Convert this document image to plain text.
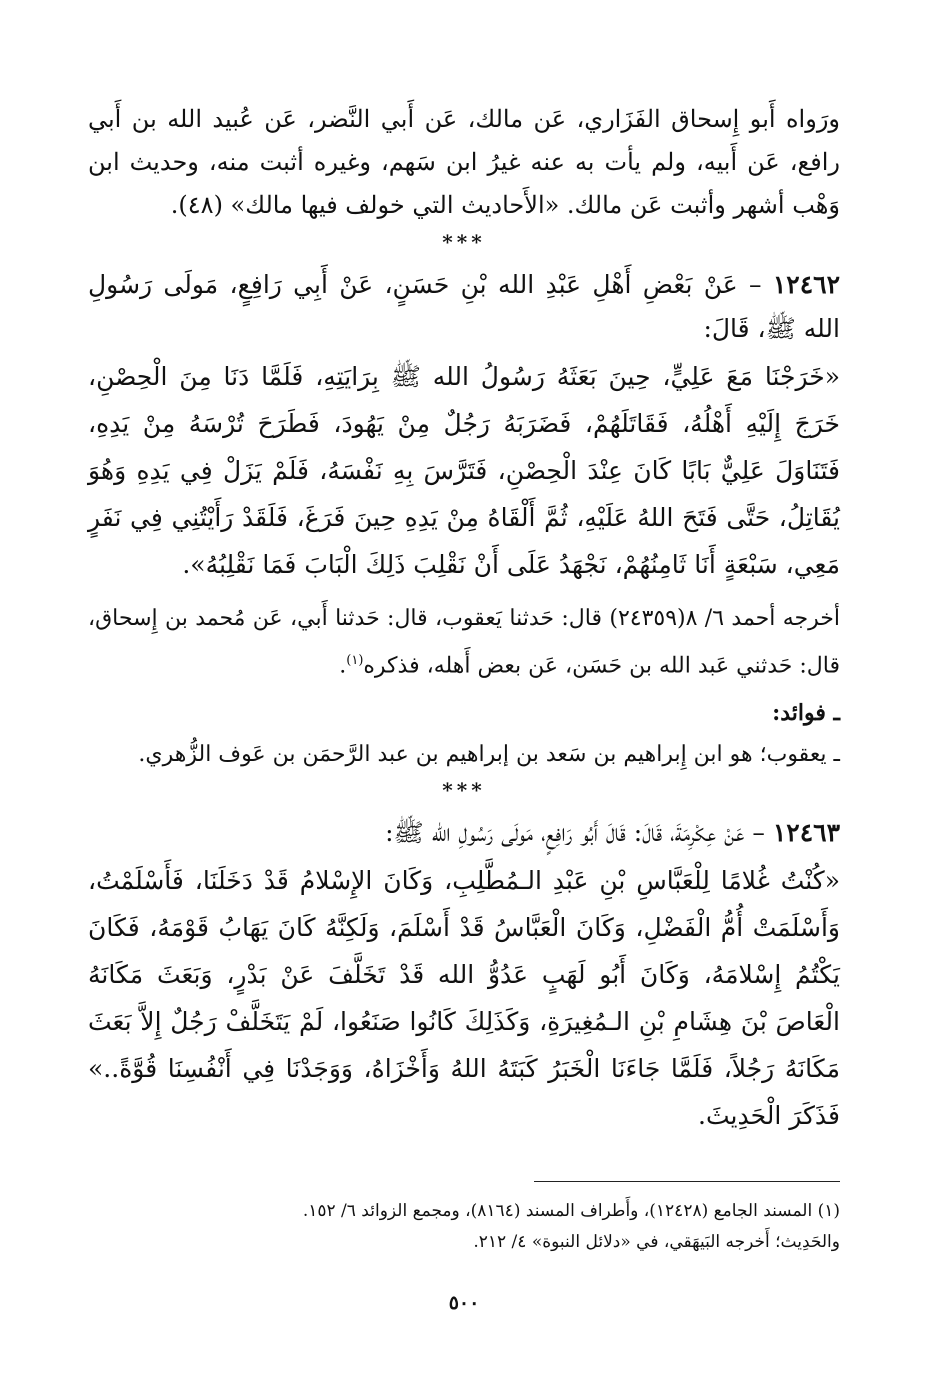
ورَواه أَبو إِسحاق الفَزَاري، عَن مالك، عَن أَبي النَّضر، عَن عُبيد الله بن أَبي رافع، عَن أَبيه، ولم يأت به عنه غيرُ ابن سَهم، وغيره أثبت منه، وحديث ابن وَهْب أشهر وأثبت عَن مالك. «الأَحاديث التي خولف فيها مالك» (٤٨).

***

١٢٤٦٢ – عَنْ بَعْضِ أَهْلِ عَبْدِ الله بْنِ حَسَنٍ، عَنْ أَبِي رَافِعٍ، مَولَى رَسُولِ الله ﷺ، قَالَ:

«خَرَجْنَا مَعَ عَلِيٍّ، حِينَ بَعَثَهُ رَسُولُ الله ﷺ بِرَايَتِهِ، فَلَمَّا دَنَا مِنَ الْحِصْنِ، خَرَجَ إِلَيْهِ أَهْلُهُ، فَقَاتَلَهُمْ، فَضَرَبَهُ رَجُلٌ مِنْ يَهُودَ، فَطَرَحَ تُرْسَهُ مِنْ يَدِهِ، فَتَنَاوَلَ عَلِيٌّ بَابًا كَانَ عِنْدَ الْحِصْنِ، فَتَرَّسَ بِهِ نَفْسَهُ، فَلَمْ يَزَلْ فِي يَدِهِ وَهُوَ يُقَاتِلُ، حَتَّى فَتَحَ اللهُ عَلَيْهِ، ثُمَّ أَلْقَاهُ مِنْ يَدِهِ حِينَ فَرَغَ، فَلَقَدْ رَأَيْتُنِي فِي نَفَرٍ مَعِي، سَبْعَةٍ أَنَا ثَامِنُهُمْ، نَجْهَدُ عَلَى أَنْ نَقْلِبَ ذَلِكَ الْبَابَ فَمَا نَقْلِبُهُ».

أخرجه أحمد ٦/ ٨(٢٤٣٥٩) قال: حَدثنا يَعقوب، قال: حَدثنا أَبي، عَن مُحمد بن إِسحاق، قال: حَدثني عَبد الله بن حَسَن، عَن بعض أَهله، فذكره$^{(١)}$.

ـ فوائد:

ـ يعقوب؛ هو ابن إِبراهيم بن سَعد بن إبراهيم بن عبد الرَّحمَن بن عَوف الزُّهري.

***

١٢٤٦٣ – عَنْ عِكْرِمَةَ، قَالَ: قَالَ أَبُو رَافِعٍ، مَولَى رَسُولِ الله ﷺ:

«كُنْتُ غُلامًا لِلْعَبَّاسِ بْنِ عَبْدِ الـمُطَّلِبِ، وَكَانَ الإِسْلامُ قَدْ دَخَلَنَا، فَأَسْلَمْتُ، وَأَسْلَمَتْ أُمُّ الْفَضْلِ، وَكَانَ الْعَبَّاسُ قَدْ أَسْلَمَ، وَلَكِنَّهُ كَانَ يَهَابُ قَوْمَهُ، فَكَانَ يَكْتُمُ إِسْلامَهُ، وَكَانَ أَبُو لَهَبٍ عَدُوُّ الله قَدْ تَخَلَّفَ عَنْ بَدْرٍ، وَبَعَثَ مَكَانَهُ الْعَاصَ بْنَ هِشَامِ بْنِ الـمُغِيرَةِ، وَكَذَلِكَ كَانُوا صَنَعُوا، لَمْ يَتَخَلَّفْ رَجُلٌ إِلاَّ بَعَثَ مَكَانَهُ رَجُلاً، فَلَمَّا جَاءَنَا الْخَبَرُ كَبَتَهُ اللهُ وَأَخْزَاهُ، وَوَجَدْنَا فِي أَنْفُسِنَا قُوَّةً..» فَذَكَرَ الْحَدِيثَ.

(١) المسند الجامع (١٢٤٢٨)، وأَطراف المسند (٨١٦٤)، ومجمع الزوائد ٦/ ١٥٢.

والحَدِيث؛ أَخرجه البَيهَقي، في «دلائل النبوة» ٤/ ٢١٢.

٥٠٠
